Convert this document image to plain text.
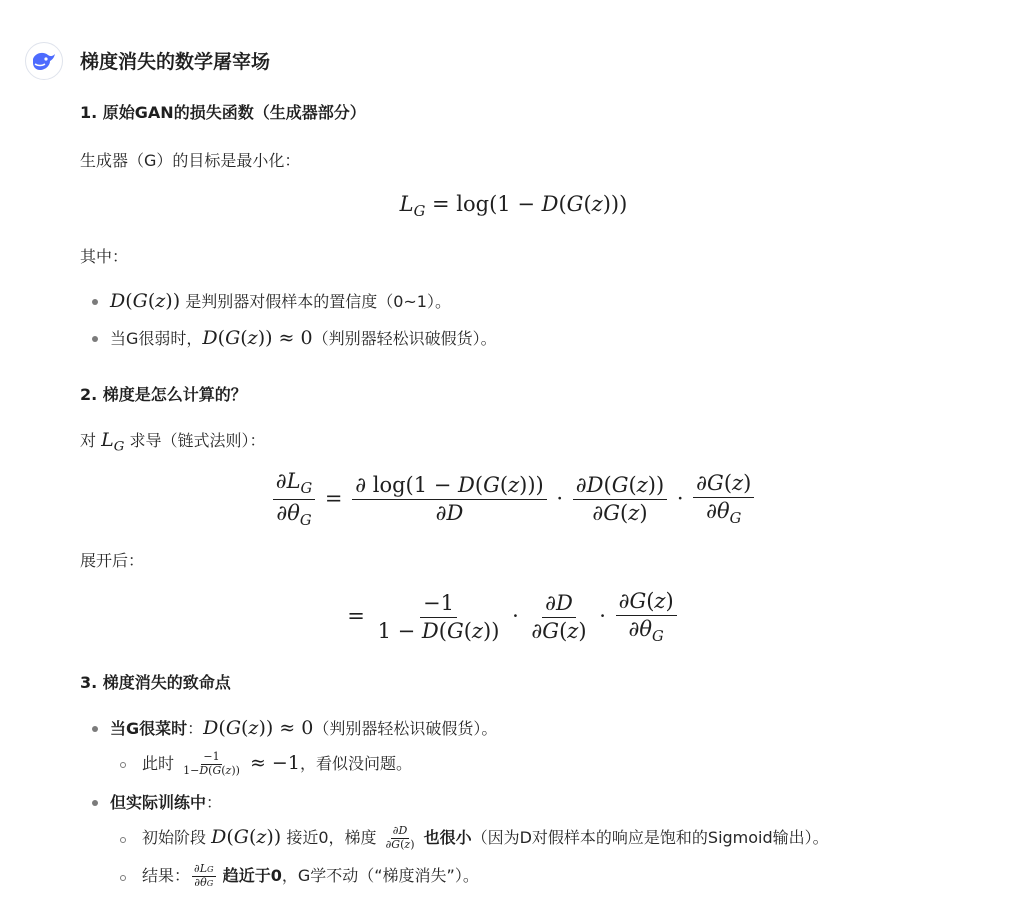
梯度消失的数学屠宰场
1. 原始GAN的损失函数（生成器部分）
生成器（G）的目标是最小化：
$L_G = \log(1 - D(G(z)))$
其中：
D(G(z)) 是判别器对假样本的置信度（0~1）。
当G很弱时，D(G(z)) ≈ 0（判别器轻松识破假货）。
2. 梯度是怎么计算的？
对 $L_G$ 求导（链式法则）：
$\frac{\partial L_G}{\partial\theta_G} = \frac{\partial \log(1 - D(G(z)))}{\partial D} \cdot \frac{\partial D(G(z))}{\partial G(z)} \cdot \frac{\partial G(z)}{\partial\theta_G}$
展开后：
= $\frac{-1}{1 - D(G(z))} \cdot \frac{\partial D}{\partial G(z)} \cdot \frac{\partial G(z)}{\partial\theta_G}$
3. 梯度消失的致命点
当G很菜时：D(G(z)) ≈ 0（判别器轻松识破假货）。
此时 $\frac{-1}{1-D(G(z))} \approx -1$，看似没问题。
但实际训练中：
初始阶段 D(G(z)) 接近0，梯度 $\frac{\partial D}{\partial G(z)}$ 也很小（因为D对假样本的响应是饱和的Sigmoid输出）。
结果： $\frac{\partial LG}{\partial\theta G}$ 趋近于0，G学不动（“梯度消失”）。
